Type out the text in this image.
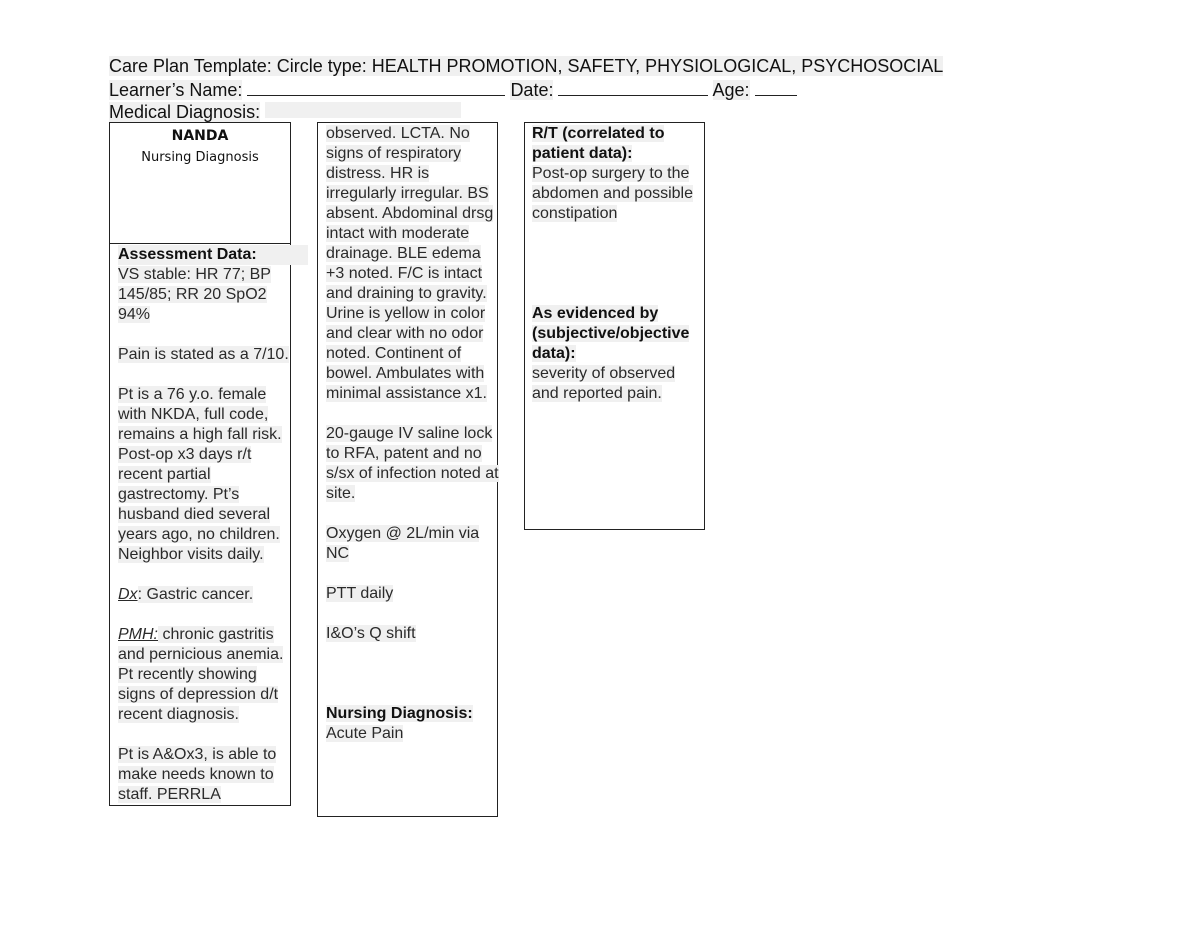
Care Plan Template: Circle type: HEALTH PROMOTION, SAFETY, PHYSIOLOGICAL, PSYCHOSOCIAL
Learner’s Name:	Date:	Age:
Medical Diagnosis:
NANDA
Nursing Diagnosis
Assessment Data:
VS stable: HR 77; BP
145/85; RR 20 SpO2
94%
Pain is stated as a 7/10.
Pt is a 76 y.o. female
with NKDA, full code,
remains a high fall risk.
Post-op x3 days r/t
recent partial
gastrectomy. Pt’s
husband died several
years ago, no children.
Neighbor visits daily.
Dx: Gastric cancer.
PMH: chronic gastritis
and pernicious anemia.
Pt recently showing
signs of depression d/t
recent diagnosis.
Pt is A&Ox3, is able to
make needs known to
staff. PERRLA
observed. LCTA. No
signs of respiratory
distress. HR is
irregularly irregular. BS
absent. Abdominal drsg
intact with moderate
drainage. BLE edema
+3 noted. F/C is intact
and draining to gravity.
Urine is yellow in color
and clear with no odor
noted. Continent of
bowel. Ambulates with
minimal assistance x1.
20-gauge IV saline lock
to RFA, patent and no
s/sx of infection noted at
site.
Oxygen @ 2L/min via
NC
PTT daily
I&O’s Q shift
Nursing Diagnosis:
Acute Pain
R/T (correlated to
patient data):
Post-op surgery to the
abdomen and possible
constipation
As evidenced by
(subjective/objective
data):
severity of observed
and reported pain.
